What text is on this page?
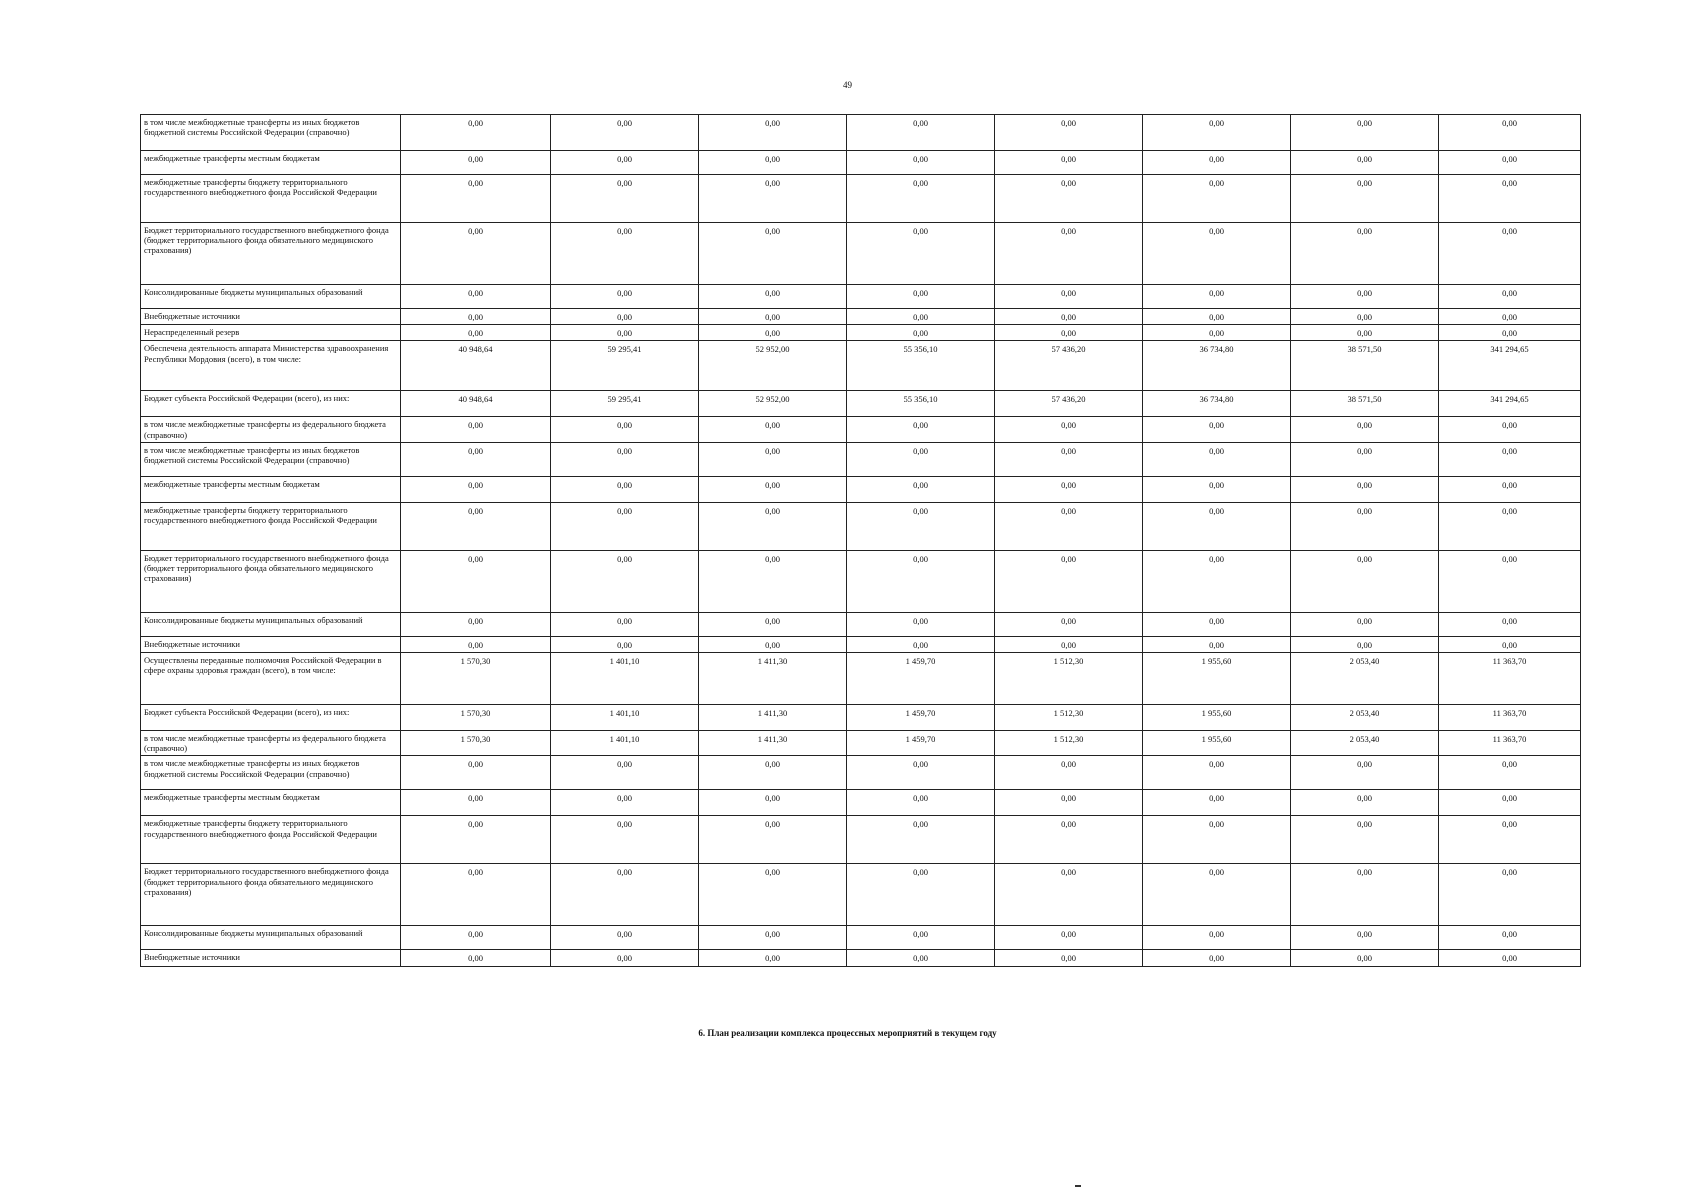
49
в том числе межбюджетные трансферты из иных бюджетов бюджетной системы Российской Федерации (справочно)	0,00	0,00	0,00	0,00	0,00	0,00	0,00	0,00
межбюджетные трансферты местным бюджетам	0,00	0,00	0,00	0,00	0,00	0,00	0,00	0,00
межбюджетные трансферты бюджету территориального государственного внебюджетного фонда Российской Федерации	0,00	0,00	0,00	0,00	0,00	0,00	0,00	0,00
Бюджет территориального государственного внебюджетного фонда (бюджет территориального фонда обязательного медицинского страхования)	0,00	0,00	0,00	0,00	0,00	0,00	0,00	0,00
Консолидированные бюджеты муниципальных образований	0,00	0,00	0,00	0,00	0,00	0,00	0,00	0,00
Внебюджетные источники	0,00	0,00	0,00	0,00	0,00	0,00	0,00	0,00
Нераспределенный резерв	0,00	0,00	0,00	0,00	0,00	0,00	0,00	0,00
Обеспечена деятельность аппарата Министерства здравоохранения Республики Мордовия (всего), в том числе:	40 948,64	59 295,41	52 952,00	55 356,10	57 436,20	36 734,80	38 571,50	341 294,65
Бюджет субъекта Российской Федерации (всего), из них:	40 948,64	59 295,41	52 952,00	55 356,10	57 436,20	36 734,80	38 571,50	341 294,65
в том числе межбюджетные трансферты из федерального бюджета (справочно)	0,00	0,00	0,00	0,00	0,00	0,00	0,00	0,00
в том числе межбюджетные трансферты из иных бюджетов бюджетной системы Российской Федерации (справочно)	0,00	0,00	0,00	0,00	0,00	0,00	0,00	0,00
межбюджетные трансферты местным бюджетам	0,00	0,00	0,00	0,00	0,00	0,00	0,00	0,00
межбюджетные трансферты бюджету территориального государственного внебюджетного фонда Российской Федерации	0,00	0,00	0,00	0,00	0,00	0,00	0,00	0,00
Бюджет территориального государственного внебюджетного фонда (бюджет территориального фонда обязательного медицинского страхования)	0,00	0,00	0,00	0,00	0,00	0,00	0,00	0,00
Консолидированные бюджеты муниципальных образований	0,00	0,00	0,00	0,00	0,00	0,00	0,00	0,00
Внебюджетные источники	0,00	0,00	0,00	0,00	0,00	0,00	0,00	0,00
Осуществлены переданные полномочия Российской Федерации в сфере охраны здоровья граждан (всего), в том числе:	1 570,30	1 401,10	1 411,30	1 459,70	1 512,30	1 955,60	2 053,40	11 363,70
Бюджет субъекта Российской Федерации (всего), из них:	1 570,30	1 401,10	1 411,30	1 459,70	1 512,30	1 955,60	2 053,40	11 363,70
в том числе межбюджетные трансферты из федерального бюджета (справочно)	1 570,30	1 401,10	1 411,30	1 459,70	1 512,30	1 955,60	2 053,40	11 363,70
в том числе межбюджетные трансферты из иных бюджетов бюджетной системы Российской Федерации (справочно)	0,00	0,00	0,00	0,00	0,00	0,00	0,00	0,00
межбюджетные трансферты местным бюджетам	0,00	0,00	0,00	0,00	0,00	0,00	0,00	0,00
межбюджетные трансферты бюджету территориального государственного внебюджетного фонда Российской Федерации	0,00	0,00	0,00	0,00	0,00	0,00	0,00	0,00
Бюджет территориального государственного внебюджетного фонда (бюджет территориального фонда обязательного медицинского страхования)	0,00	0,00	0,00	0,00	0,00	0,00	0,00	0,00
Консолидированные бюджеты муниципальных образований	0,00	0,00	0,00	0,00	0,00	0,00	0,00	0,00
Внебюджетные источники	0,00	0,00	0,00	0,00	0,00	0,00	0,00	0,00
6. План реализации комплекса процессных мероприятий в текущем году
